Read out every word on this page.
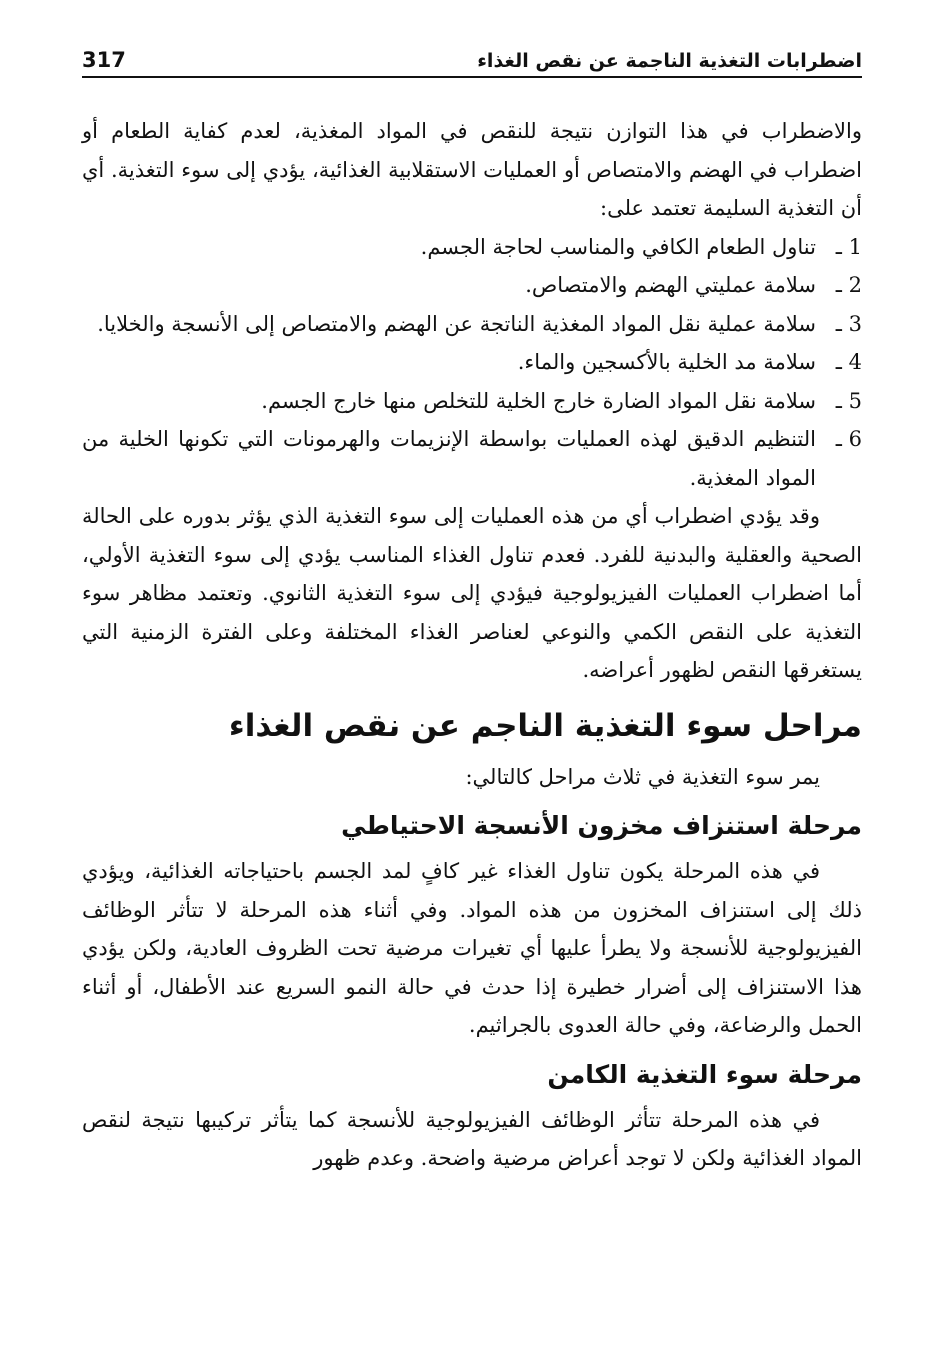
317	اضطرابات التغذية الناجمة عن نقص الغذاء

والاضطراب في هذا التوازن نتيجة للنقص في المواد المغذية، لعدم كفاية الطعام أو اضطراب في الهضم والامتصاص أو العمليات الاستقلابية الغذائية، يؤدي إلى سوء التغذية. أي أن التغذية السليمة تعتمد على:

1 ـ
تناول الطعام الكافي والمناسب لحاجة الجسم.
2 ـ
سلامة عمليتي الهضم والامتصاص.
3 ـ
سلامة عملية نقل المواد المغذية الناتجة عن الهضم والامتصاص إلى الأنسجة والخلايا.
4 ـ
سلامة مد الخلية بالأكسجين والماء.
5 ـ
سلامة نقل المواد الضارة خارج الخلية للتخلص منها خارج الجسم.
6 ـ
التنظيم الدقيق لهذه العمليات بواسطة الإنزيمات والهرمونات التي تكونها الخلية من المواد المغذية.

وقد يؤدي اضطراب أي من هذه العمليات إلى سوء التغذية الذي يؤثر بدوره على الحالة الصحية والعقلية والبدنية للفرد. فعدم تناول الغذاء المناسب يؤدي إلى سوء التغذية الأولي، أما اضطراب العمليات الفيزيولوجية فيؤدي إلى سوء التغذية الثانوي. وتعتمد مظاهر سوء التغذية على النقص الكمي والنوعي لعناصر الغذاء المختلفة وعلى الفترة الزمنية التي يستغرقها النقص لظهور أعراضه.

مراحل سوء التغذية الناجم عن نقص الغذاء

يمر سوء التغذية في ثلاث مراحل كالتالي:

مرحلة استنزاف مخزون الأنسجة الاحتياطي

في هذه المرحلة يكون تناول الغذاء غير كافٍ لمد الجسم باحتياجاته الغذائية، ويؤدي ذلك إلى استنزاف المخزون من هذه المواد. وفي أثناء هذه المرحلة لا تتأثر الوظائف الفيزيولوجية للأنسجة ولا يطرأ عليها أي تغيرات مرضية تحت الظروف العادية، ولكن يؤدي هذا الاستنزاف إلى أضرار خطيرة إذا حدث في حالة النمو السريع عند الأطفال، أو أثناء الحمل والرضاعة، وفي حالة العدوى بالجراثيم.

مرحلة سوء التغذية الكامن

في هذه المرحلة تتأثر الوظائف الفيزيولوجية للأنسجة كما يتأثر تركيبها نتيجة لنقص المواد الغذائية ولكن لا توجد أعراض مرضية واضحة. وعدم ظهور
